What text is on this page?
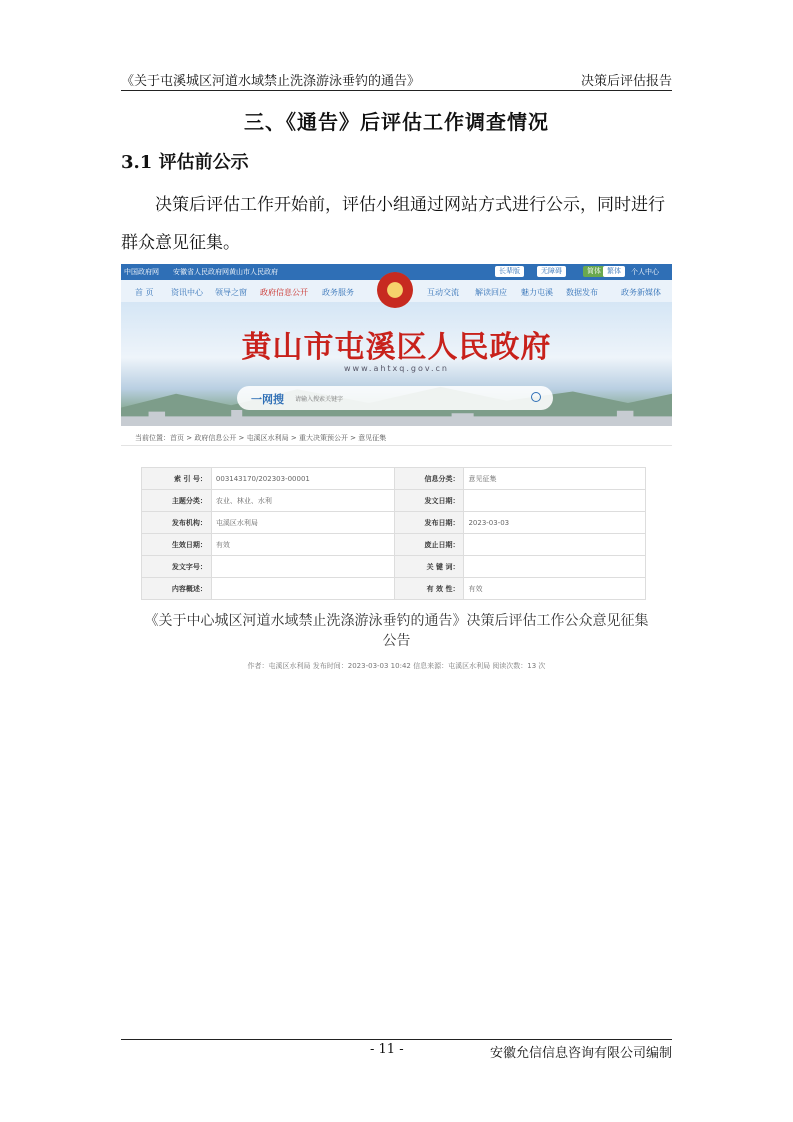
《关于屯溪城区河道水域禁止洗涤游泳垂钓的通告》	决策后评估报告
三、《通告》后评估工作调查情况
3.1 评估前公示
决策后评估工作开始前，评估小组通过网站方式进行公示，同时进行群众意见征集。
中国政府网 安徽省人民政府网 黄山市人民政府	长辈版	无障碍	简体 繁体	个人中心
首 页 资讯中心 领导之窗 政府信息公开 政务服务	互动交流 解读回应 魅力屯溪 数据发布	政务新媒体
黄山市屯溪区人民政府
www.ahtxq.gov.cn
一网搜 请输入搜索关键字
当前位置：首页 > 政府信息公开 > 屯溪区水利局 > 重大决策预公开 > 意见征集
索 引 号：	003143170/202303-00001	信息分类：	意见征集
主题分类：	农业、林业、水利	发文日期：	
发布机构：	屯溪区水利局	发布日期：	2023-03-03
生效日期：	有效	废止日期：	
发文字号：		关 键 词：	
内容概述：		有 效 性：	有效
《关于中心城区河道水域禁止洗涤游泳垂钓的通告》决策后评估工作公众意见征集公告
作者：屯溪区水利局 发布时间：2023-03-03 10:42 信息来源：屯溪区水利局 阅读次数：13 次
- 11 -	安徽允信信息咨询有限公司编制
